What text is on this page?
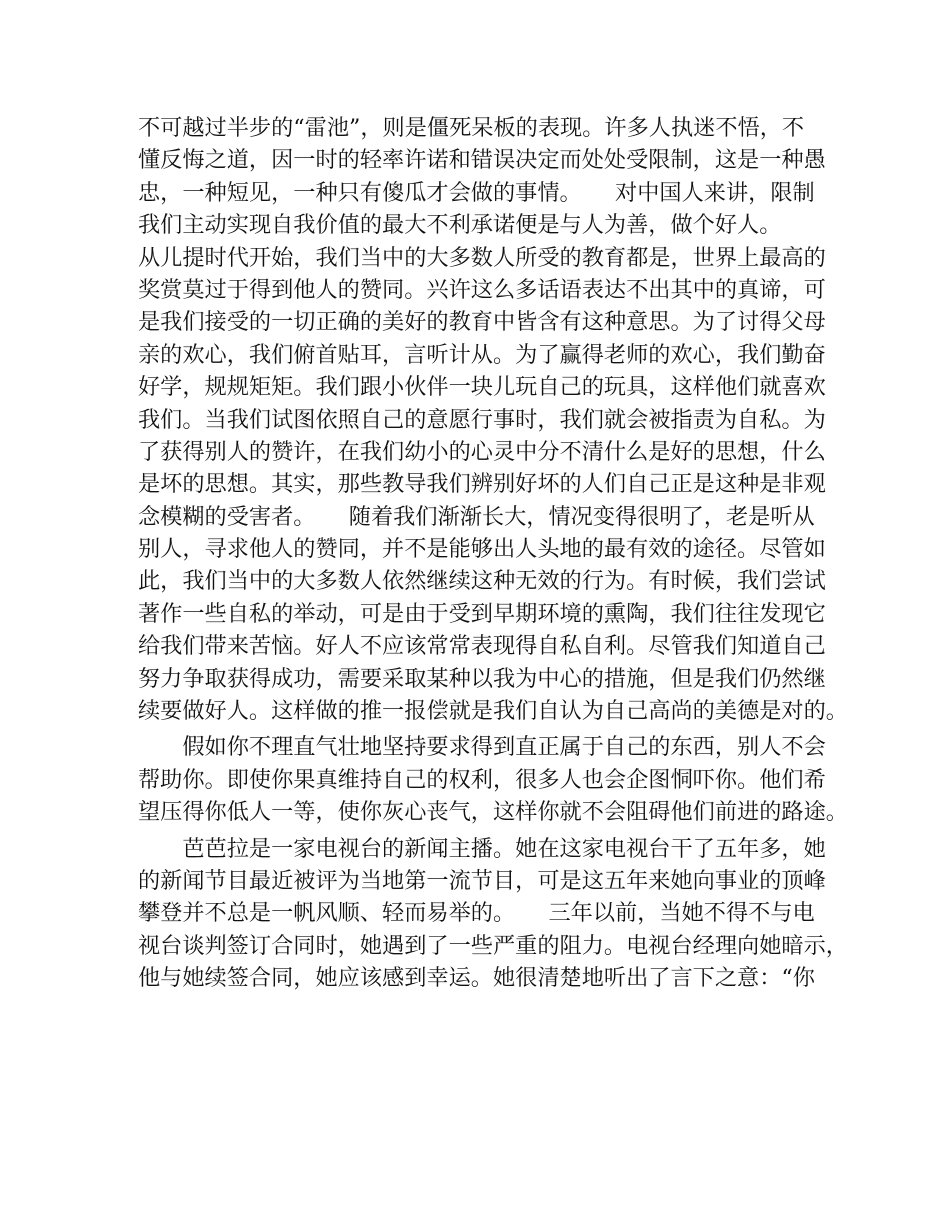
不可越过半步的“雷池”，则是僵死呆板的表现。许多人执迷不悟，不
懂反悔之道，因一时的轻率许诺和错误决定而处处受限制，这是一种愚
忠，一种短见，一种只有傻瓜才会做的事情。　　对中国人来讲，限制
我们主动实现自我价值的最大不利承诺便是与人为善，做个好人。
从儿提时代开始，我们当中的大多数人所受的教育都是，世界上最高的
奖赏莫过于得到他人的赞同。兴许这么多话语表达不出其中的真谛，可
是我们接受的一切正确的美好的教育中皆含有这种意思。为了讨得父母
亲的欢心，我们俯首贴耳，言听计从。为了赢得老师的欢心，我们勤奋
好学，规规矩矩。我们跟小伙伴一块儿玩自己的玩具，这样他们就喜欢
我们。当我们试图依照自己的意愿行事时，我们就会被指责为自私。为
了获得别人的赞许，在我们幼小的心灵中分不清什么是好的思想，什么
是坏的思想。其实，那些教导我们辨别好坏的人们自己正是这种是非观
念模糊的受害者。　　随着我们渐渐长大，情况变得很明了，老是听从
别人，寻求他人的赞同，并不是能够出人头地的最有效的途径。尽管如
此，我们当中的大多数人依然继续这种无效的行为。有时候，我们尝试
著作一些自私的举动，可是由于受到早期环境的熏陶，我们往往发现它
给我们带来苦恼。好人不应该常常表现得自私自利。尽管我们知道自己
努力争取获得成功，需要采取某种以我为中心的措施，但是我们仍然继
续要做好人。这样做的推一报偿就是我们自认为自己高尚的美德是对的。
　　假如你不理直气壮地坚持要求得到直正属于自己的东西，别人不会
帮助你。即使你果真维持自己的权利，很多人也会企图恫吓你。他们希
望压得你低人一等，使你灰心丧气，这样你就不会阻碍他们前进的路途。
　　芭芭拉是一家电视台的新闻主播。她在这家电视台干了五年多，她
的新闻节目最近被评为当地第一流节目，可是这五年来她向事业的顶峰
攀登并不总是一帆风顺、轻而易举的。　　三年以前，当她不得不与电
视台谈判签订合同时，她遇到了一些严重的阻力。电视台经理向她暗示，
他与她续签合同，她应该感到幸运。她很清楚地听出了言下之意：“你
